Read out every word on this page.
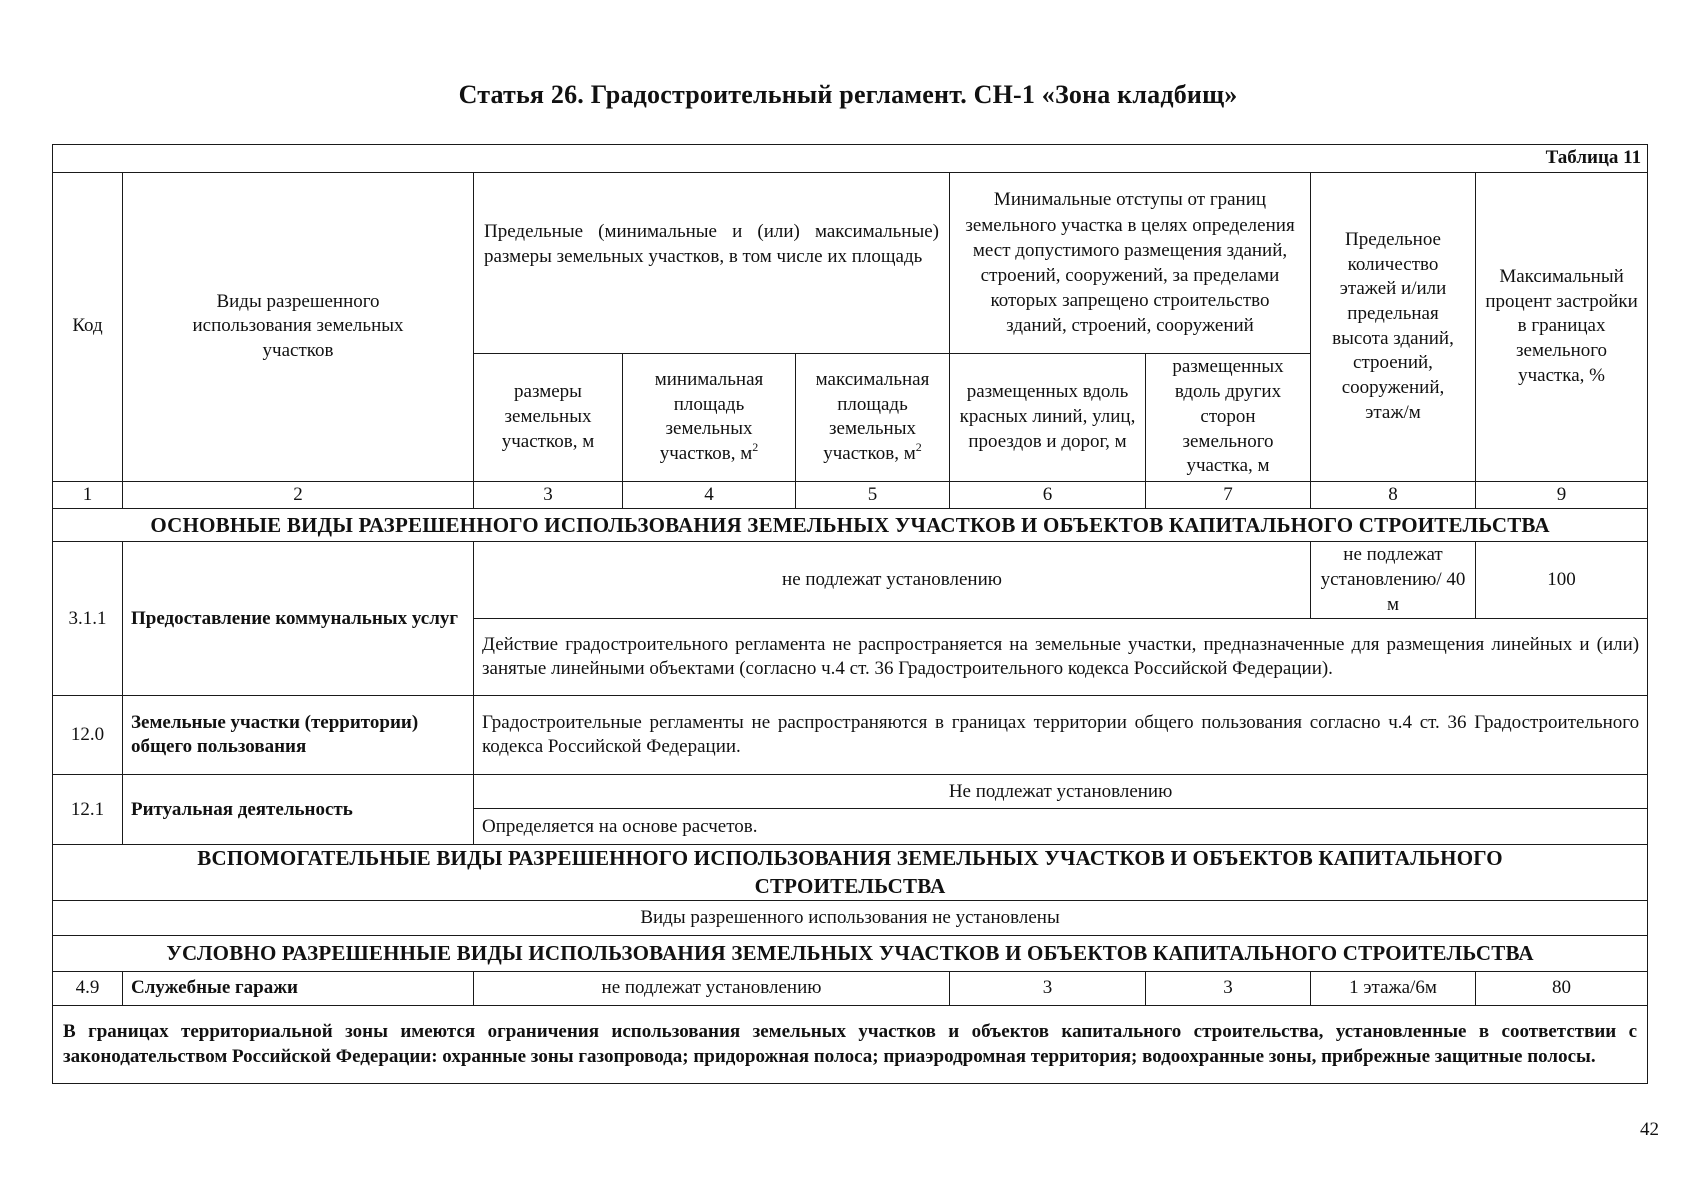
Статья 26. Градостроительный регламент. СН-1 «Зона кладбищ»
Таблица 11								
Код	Виды разрешенного использования земельных участков	Предельные (минимальные и (или) максимальные) размеры земельных участков, в том числе их площадь			Минимальные отступы от границ земельного участка в целях определения мест допустимого размещения зданий, строений, сооружений, за пределами которых запрещено строительство зданий, строений, сооружений		Предельное количество этажей и/или предельная высота зданий, строений, сооружений, этаж/м	Максимальный процент застройки в границах земельного участка, %
		размеры земельных участков, м	минимальная площадь земельных участков, $м^2$	максимальная площадь земельных участков, $м^2$	размещенных вдоль красных линий, улиц, проездов и дорог, м	размещенных вдоль других сторон земельного участка, м		
1	2	3	4	5	6	7	8	9
ОСНОВНЫЕ ВИДЫ РАЗРЕШЕННОГО ИСПОЛЬЗОВАНИЯ ЗЕМЕЛЬНЫХ УЧАСТКОВ И ОБЪЕКТОВ КАПИТАЛЬНОГО СТРОИТЕЛЬСТВА								
3.1.1	Предоставление коммунальных услуг	не подлежат установлению					не подлежат установлению/ 40 м	100
		Действие градостроительного регламента не распространяется на земельные участки, предназначенные для размещения линейных и (или) занятые линейными объектами (согласно ч.4 ст. 36 Градостроительного кодекса Российской Федерации).						
12.0	Земельные участки (территории) общего пользования	Градостроительные регламенты не распространяются в границах территории общего пользования согласно ч.4 ст. 36 Градостроительного кодекса Российской Федерации.						
12.1	Ритуальная деятельность	Не подлежат установлению						
		Определяется на основе расчетов.						
ВСПОМОГАТЕЛЬНЫЕ ВИДЫ РАЗРЕШЕННОГО ИСПОЛЬЗОВАНИЯ ЗЕМЕЛЬНЫХ УЧАСТКОВ И ОБЪЕКТОВ КАПИТАЛЬНОГО СТРОИТЕЛЬСТВА								
Виды разрешенного использования не установлены								
УСЛОВНО РАЗРЕШЕННЫЕ ВИДЫ ИСПОЛЬЗОВАНИЯ ЗЕМЕЛЬНЫХ УЧАСТКОВ И ОБЪЕКТОВ КАПИТАЛЬНОГО СТРОИТЕЛЬСТВА								
4.9	Служебные гаражи	не подлежат установлению			3	3	1 этажа/6м	80
В границах территориальной зоны имеются ограничения использования земельных участков и объектов капитального строительства, установленные в соответствии с законодательством Российской Федерации: охранные зоны газопровода; придорожная полоса; приаэродромная территория; водоохранные зоны, прибрежные защитные полосы.								
42
